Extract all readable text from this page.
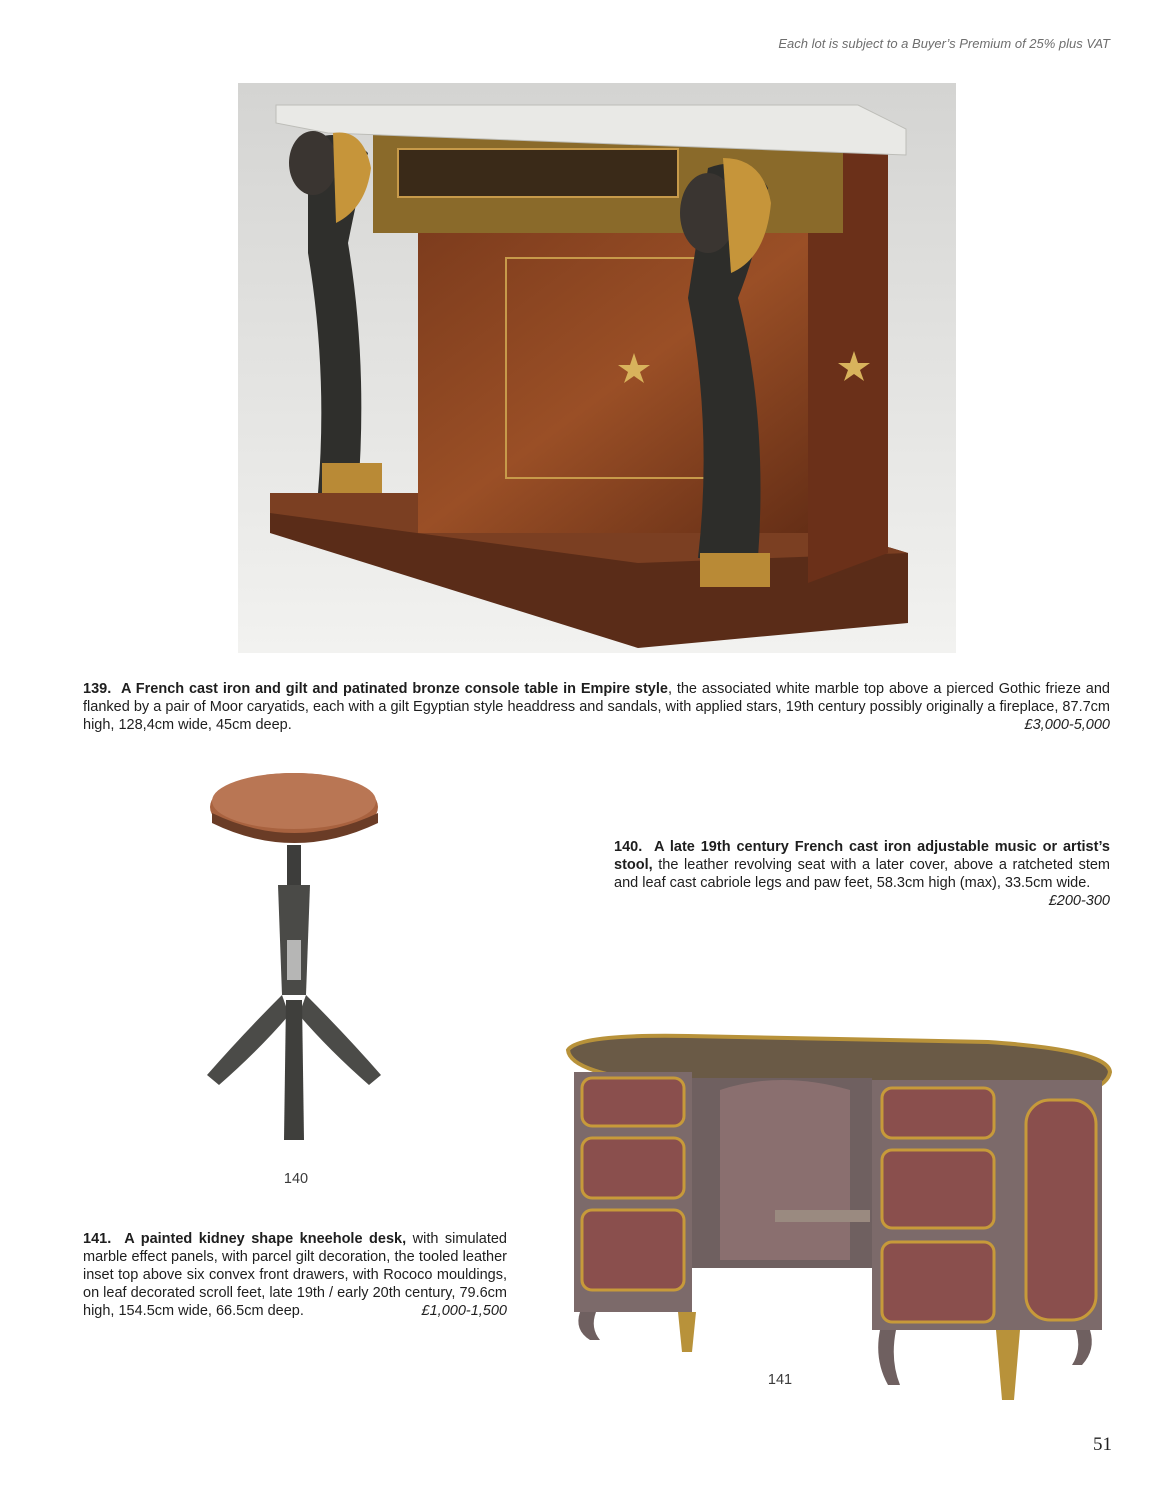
Each lot is subject to a Buyer’s Premium of 25% plus VAT
139. A French cast iron and gilt and patinated bronze console table in Empire style, the associated white marble top above a pierced Gothic frieze and flanked by a pair of Moor caryatids, each with a gilt Egyptian style headdress and sandals, with applied stars, 19th century possibly originally a fireplace, 87.7cm high, 128,4cm wide, 45cm deep.	£3,000-5,000
140
140. A late 19th century French cast iron adjustable music or artist’s stool, the leather revolving seat with a later cover, above a ratcheted stem and leaf cast cabriole legs and paw feet, 58.3cm high (max), 33.5cm wide.
£200-300
141
141. A painted kidney shape kneehole desk, with simulated marble effect panels, with parcel gilt decoration, the tooled leather inset top above six convex front drawers, with Rococo mouldings, on leaf decorated scroll feet, late 19th / early 20th century, 79.6cm high, 154.5cm wide, 66.5cm deep.	£1,000-1,500
51
